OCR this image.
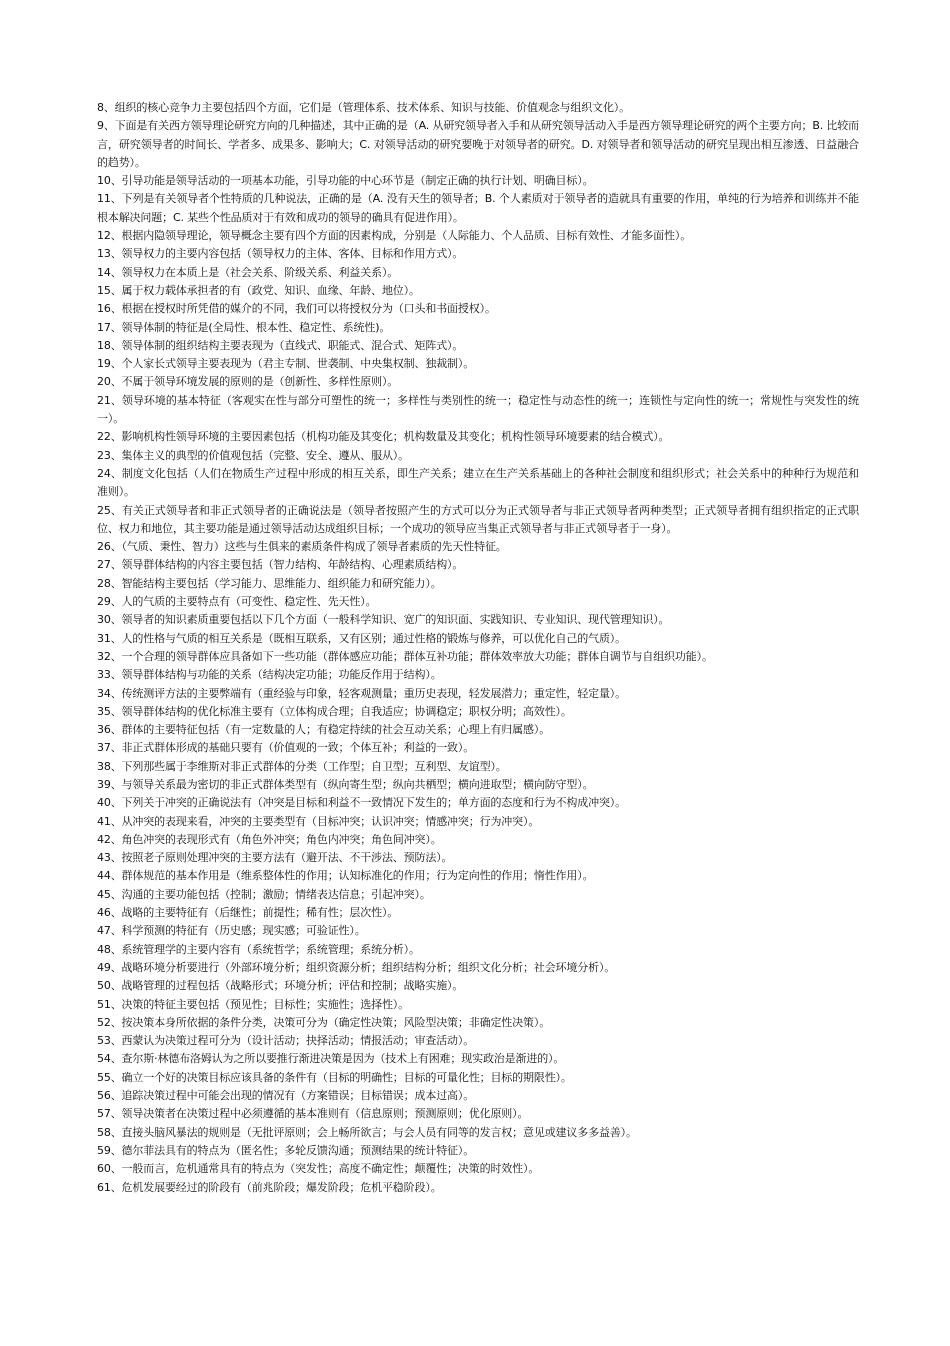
8、组织的核心竞争力主要包括四个方面，它们是（管理体系、技术体系、知识与技能、价值观念与组织文化）。

9、下面是有关西方领导理论研究方向的几种描述，其中正确的是（A. 从研究领导者入手和从研究领导活动入手是西方领导理论研究的两个主要方向；B. 比较而言，研究领导者的时间长、学者多、成果多、影响大；C. 对领导活动的研究要晚于对领导者的研究。D. 对领导者和领导活动的研究呈现出相互渗透、日益融合的趋势）。

10、引导功能是领导活动的一项基本功能，引导功能的中心环节是（制定正确的执行计划、明确目标）。

11、下列是有关领导者个性特质的几种说法，正确的是（A. 没有天生的领导者；B. 个人素质对于领导者的造就具有重要的作用，单纯的行为培养和训练并不能根本解决问题；C. 某些个性品质对于有效和成功的领导的确具有促进作用）。

12、根据内隐领导理论，领导概念主要有四个方面的因素构成，分别是（人际能力、个人品质、目标有效性、才能多面性）。

13、领导权力的主要内容包括（领导权力的主体、客体、目标和作用方式）。

14、领导权力在本质上是（社会关系、阶级关系、利益关系）。

15、属于权力载体承担者的有（政党、知识、血缘、年龄、地位）。

16、根据在授权时所凭借的媒介的不同，我们可以将授权分为（口头和书面授权）。

17、领导体制的特征是(全局性、根本性、稳定性、系统性)。

18、领导体制的组织结构主要表现为（直线式、职能式、混合式、矩阵式）。

19、个人家长式领导主要表现为（君主专制、世袭制、中央集权制、独裁制）。

20、不属于领导环境发展的原则的是（创新性、多样性原则）。

21、领导环境的基本特征（客观实在性与部分可塑性的统一；多样性与类别性的统一；稳定性与动态性的统一；连锁性与定向性的统一；常规性与突发性的统一）。

22、影响机构性领导环境的主要因素包括（机构功能及其变化；机构数量及其变化；机构性领导环境要素的结合模式）。

23、集体主义的典型的价值观包括（完整、安全、遵从、服从）。

24、制度文化包括（人们在物质生产过程中形成的相互关系，即生产关系；建立在生产关系基础上的各种社会制度和组织形式；社会关系中的种种行为规范和准则）。

25、有关正式领导者和非正式领导者的正确说法是（领导者按照产生的方式可以分为正式领导者与非正式领导者两种类型；正式领导者拥有组织指定的正式职位、权力和地位，其主要功能是通过领导活动达成组织目标；一个成功的领导应当集正式领导者与非正式领导者于一身）。

26、（气质、秉性、智力）这些与生俱来的素质条件构成了领导者素质的先天性特征。

27、领导群体结构的内容主要包括（智力结构、年龄结构、心理素质结构）。

28、智能结构主要包括（学习能力、思维能力、组织能力和研究能力）。

29、人的气质的主要特点有（可变性、稳定性、先天性）。

30、领导者的知识素质重要包括以下几个方面（一般科学知识、宽广的知识面、实践知识、专业知识、现代管理知识）。

31、人的性格与气质的相互关系是（既相互联系，又有区别；通过性格的锻炼与修养，可以优化自己的气质）。

32、一个合理的领导群体应具备如下一些功能（群体感应功能；群体互补功能；群体效率放大功能；群体自调节与自组织功能）。

33、领导群体结构与功能的关系（结构决定功能；功能反作用于结构）。

34、传统测评方法的主要弊端有（重经验与印象，轻客观测量；重历史表现，轻发展潜力；重定性，轻定量）。

35、领导群体结构的优化标准主要有（立体构成合理；自我适应；协调稳定；职权分明；高效性）。

36、群体的主要特征包括（有一定数量的人；有稳定持续的社会互动关系；心理上有归属感）。

37、非正式群体形成的基础只要有（价值观的一致；个体互补；利益的一致）。

38、下列那些属于李维斯对非正式群体的分类（工作型；自卫型；互利型、友谊型）。

39、与领导关系最为密切的非正式群体类型有（纵向寄生型；纵向共栖型；横向进取型；横向防守型）。

40、下列关于冲突的正确说法有（冲突是目标和利益不一致情况下发生的；单方面的态度和行为不构成冲突）。

41、从冲突的表现来看，冲突的主要类型有（目标冲突；认识冲突；情感冲突；行为冲突）。

42、角色冲突的表现形式有（角色外冲突；角色内冲突；角色间冲突）。

43、按照老子原则处理冲突的主要方法有（避开法、不干涉法、预防法）。

44、群体规范的基本作用是（维系整体性的作用；认知标准化的作用；行为定向性的作用；惰性作用）。

45、沟通的主要功能包括（控制；激励；情绪表达信息；引起冲突）。

46、战略的主要特征有（后继性；前提性；稀有性；层次性）。

47、科学预测的特征有（历史感；现实感；可验证性）。

48、系统管理学的主要内容有（系统哲学；系统管理；系统分析）。

49、战略环境分析要进行（外部环境分析；组织资源分析；组织结构分析；组织文化分析；社会环境分析）。

50、战略管理的过程包括（战略形式；环境分析；评估和控制；战略实施）。

51、决策的特征主要包括（预见性；目标性；实施性；选择性）。

52、按决策本身所依据的条件分类，决策可分为（确定性决策；风险型决策；非确定性决策）。

53、西蒙认为决策过程可分为（设计活动；抉择活动；情报活动；审查活动）。

54、查尔斯·林德布洛姆认为之所以要推行渐进决策是因为（技术上有困难；现实政治是渐进的）。

55、确立一个好的决策目标应该具备的条件有（目标的明确性；目标的可量化性；目标的期限性）。

56、追踪决策过程中可能会出现的情况有（方案错误；目标错误；成本过高）。

57、领导决策者在决策过程中必须遵循的基本准则有（信息原则；预测原则；优化原则）。

58、直接头脑风暴法的规则是（无批评原则；会上畅所欲言；与会人员有同等的发言权；意见或建议多多益善）。

59、德尔菲法具有的特点为（匿名性；多轮反馈沟通；预测结果的统计特征）。

60、一般而言，危机通常具有的特点为（突发性；高度不确定性；颠覆性；决策的时效性）。

61、危机发展要经过的阶段有（前兆阶段；爆发阶段；危机平稳阶段）。
